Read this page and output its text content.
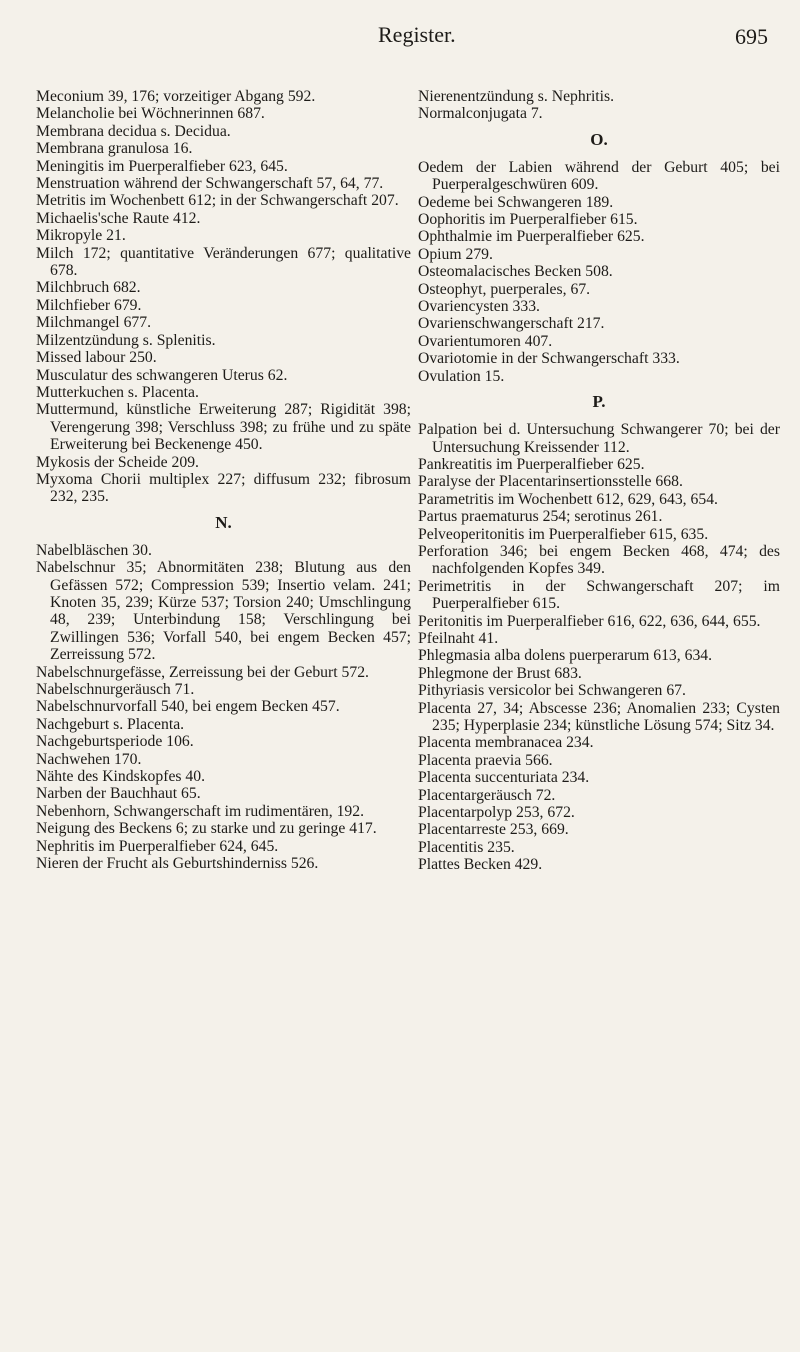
Register.	695

Meconium 39, 176; vorzeitiger Abgang 592.

Melancholie bei Wöchnerinnen 687.

Membrana decidua s. Decidua.

Membrana granulosa 16.

Meningitis im Puerperalfieber 623, 645.

Menstruation während der Schwangerschaft 57, 64, 77.

Metritis im Wochenbett 612; in der Schwangerschaft 207.

Michaelis'sche Raute 412.

Mikropyle 21.

Milch 172; quantitative Veränderungen 677; qualitative 678.

Milchbruch 682.

Milchfieber 679.

Milchmangel 677.

Milzentzündung s. Splenitis.

Missed labour 250.

Musculatur des schwangeren Uterus 62.

Mutterkuchen s. Placenta.

Muttermund, künstliche Erweiterung 287; Rigidität 398; Verengerung 398; Verschluss 398; zu frühe und zu späte Erweiterung bei Beckenenge 450.

Mykosis der Scheide 209.

Myxoma Chorii multiplex 227; diffusum 232; fibrosum 232, 235.

N.

Nabelbläschen 30.

Nabelschnur 35; Abnormitäten 238; Blutung aus den Gefässen 572; Compression 539; Insertio velam. 241; Knoten 35, 239; Kürze 537; Torsion 240; Umschlingung 48, 239; Unterbindung 158; Verschlingung bei Zwillingen 536; Vorfall 540, bei engem Becken 457; Zerreissung 572.

Nabelschnurgefässe, Zerreissung bei der Geburt 572.

Nabelschnurgeräusch 71.

Nabelschnurvorfall 540, bei engem Becken 457.

Nachgeburt s. Placenta.

Nachgeburtsperiode 106.

Nachwehen 170.

Nähte des Kindskopfes 40.

Narben der Bauchhaut 65.

Nebenhorn, Schwangerschaft im rudimentären, 192.

Neigung des Beckens 6; zu starke und zu geringe 417.

Nephritis im Puerperalfieber 624, 645.

Nieren der Frucht als Geburtshinderniss 526.

Nierenentzündung s. Nephritis.

Normalconjugata 7.

O.

Oedem der Labien während der Geburt 405; bei Puerperalgeschwüren 609.

Oedeme bei Schwangeren 189.

Oophoritis im Puerperalfieber 615.

Ophthalmie im Puerperalfieber 625.

Opium 279.

Osteomalacisches Becken 508.

Osteophyt, puerperales, 67.

Ovariencysten 333.

Ovarienschwangerschaft 217.

Ovarientumoren 407.

Ovariotomie in der Schwangerschaft 333.

Ovulation 15.

P.

Palpation bei d. Untersuchung Schwangerer 70; bei der Untersuchung Kreissender 112.

Pankreatitis im Puerperalfieber 625.

Paralyse der Placentarinsertionsstelle 668.

Parametritis im Wochenbett 612, 629, 643, 654.

Partus praematurus 254; serotinus 261.

Pelveoperitonitis im Puerperalfieber 615, 635.

Perforation 346; bei engem Becken 468, 474; des nachfolgenden Kopfes 349.

Perimetritis in der Schwangerschaft 207; im Puerperalfieber 615.

Peritonitis im Puerperalfieber 616, 622, 636, 644, 655.

Pfeilnaht 41.

Phlegmasia alba dolens puerperarum 613, 634.

Phlegmone der Brust 683.

Pithyriasis versicolor bei Schwangeren 67.

Placenta 27, 34; Abscesse 236; Anomalien 233; Cysten 235; Hyperplasie 234; künstliche Lösung 574; Sitz 34.

Placenta membranacea 234.

Placenta praevia 566.

Placenta succenturiata 234.

Placentargeräusch 72.

Placentarpolyp 253, 672.

Placentarreste 253, 669.

Placentitis 235.

Plattes Becken 429.
